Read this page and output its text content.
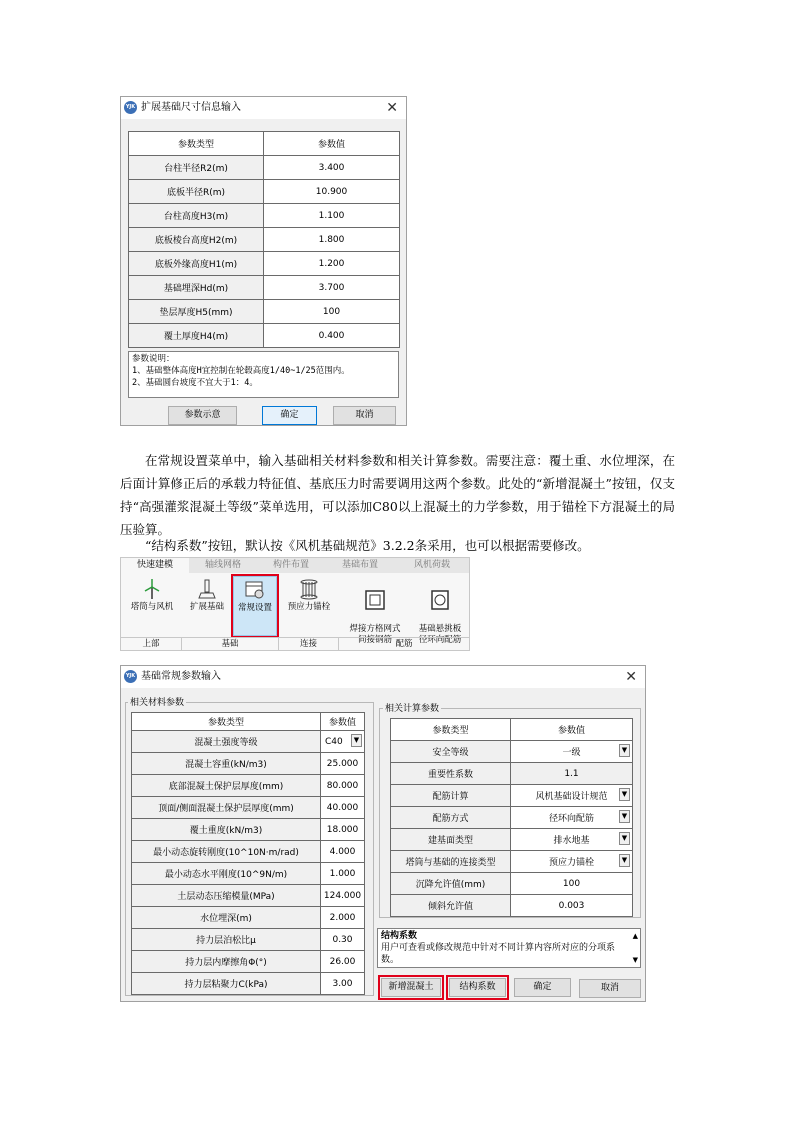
YJK 扩展基础尺寸信息输入	✕
参数类型	参数值
台柱半径R2(m)	3.400
底板半径R(m)	10.900
台柱高度H3(m)	1.100
底板棱台高度H2(m)	1.800
底板外缘高度H1(m)	1.200
基础埋深Hd(m)	3.700
垫层厚度H5(mm)	100
覆土厚度H4(m)	0.400
参数说明：
1、基础整体高度H宜控制在轮毂高度1/40~1/25范围内。
2、基础圆台坡度不宜大于1：4。
参数示意	确定	取消
在常规设置菜单中，输入基础相关材料参数和相关计算参数。需要注意：覆土重、水位埋深，在后面计算修正后的承载力特征值、基底压力时需要调用这两个参数。此处的“新增混凝土”按钮，仅支持“高强灌浆混凝土等级”菜单选用，可以添加C80以上混凝土的力学参数，用于锚栓下方混凝土的局压验算。
“结构系数”按钮，默认按《风机基础规范》3.2.2条采用，也可以根据需要修改。
快速建模	轴线网格	构件布置	基础布置	风机荷载
塔筒与风机	扩展基础	常规设置	预应力锚栓

焊接方格网式
间接钢筋

基础悬挑板
径环向配筋

上部	基础	连接	配筋
YJK 基础常规参数输入	✕
相关材料参数
参数类型	参数值
混凝土强度等级	C40 ▼

混凝土容重(kN/m3)	25.000
底部混凝土保护层厚度(mm)	80.000
顶面/侧面混凝土保护层厚度(mm)	40.000
覆土重度(kN/m3)	18.000
最小动态旋转刚度(10^10N·m/rad)	4.000
最小动态水平刚度(10^9N/m)	1.000
土层动态压缩模量(MPa)	124.000
水位埋深(m)	2.000
持力层泊松比μ	0.30
持力层内摩擦角Φ(°)	26.00
持力层粘聚力C(kPa)	3.00
相关计算参数
参数类型	参数值
安全等级	一级 ▼

重要性系数	1.1
配筋计算	风机基础设计规范 ▼

配筋方式	径环向配筋 ▼

建基面类型	排水地基 ▼

塔筒与基础的连接类型	预应力锚栓 ▼

沉降允许值(mm)	100
倾斜允许值	0.003
结构系数
用户可查看或修改规范中针对不同计算内容所对应的分项系数。
▲
▼
新增混凝土	结构系数	确定	取消
